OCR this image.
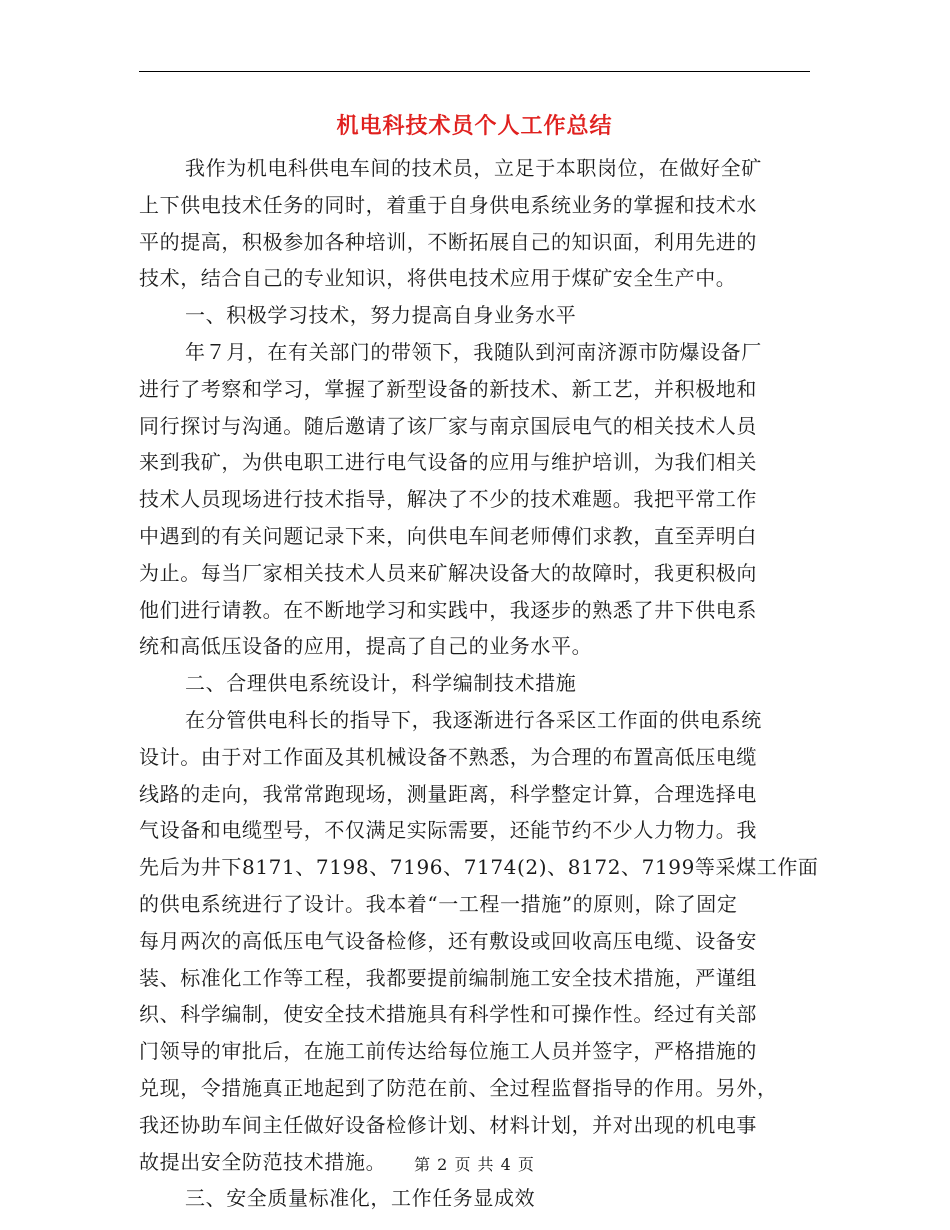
机电科技术员个人工作总结
我作为机电科供电车间的技术员，立足于本职岗位，在做好全矿
上下供电技术任务的同时，着重于自身供电系统业务的掌握和技术水
平的提高，积极参加各种培训，不断拓展自己的知识面，利用先进的
技术，结合自己的专业知识，将供电技术应用于煤矿安全生产中。
一、积极学习技术，努力提高自身业务水平
年７月，在有关部门的带领下，我随队到河南济源市防爆设备厂
进行了考察和学习，掌握了新型设备的新技术、新工艺，并积极地和
同行探讨与沟通。随后邀请了该厂家与南京国辰电气的相关技术人员
来到我矿，为供电职工进行电气设备的应用与维护培训，为我们相关
技术人员现场进行技术指导，解决了不少的技术难题。我把平常工作
中遇到的有关问题记录下来，向供电车间老师傅们求教，直至弄明白
为止。每当厂家相关技术人员来矿解决设备大的故障时，我更积极向
他们进行请教。在不断地学习和实践中，我逐步的熟悉了井下供电系
统和高低压设备的应用，提高了自己的业务水平。
二、合理供电系统设计，科学编制技术措施
在分管供电科长的指导下，我逐渐进行各采区工作面的供电系统
设计。由于对工作面及其机械设备不熟悉，为合理的布置高低压电缆
线路的走向，我常常跑现场，测量距离，科学整定计算，合理选择电
气设备和电缆型号，不仅满足实际需要，还能节约不少人力物力。我
先后为井下8171、7198、7196、7174(2)、8172、7199等采煤工作面
的供电系统进行了设计。我本着“一工程一措施”的原则，除了固定
每月两次的高低压电气设备检修，还有敷设或回收高压电缆、设备安
装、标准化工作等工程，我都要提前编制施工安全技术措施，严谨组
织、科学编制，使安全技术措施具有科学性和可操作性。经过有关部
门领导的审批后，在施工前传达给每位施工人员并签字，严格措施的
兑现，令措施真正地起到了防范在前、全过程监督指导的作用。另外，
我还协助车间主任做好设备检修计划、材料计划，并对出现的机电事
故提出安全防范技术措施。
三、安全质量标准化，工作任务显成效
第 2 页 共 4 页
